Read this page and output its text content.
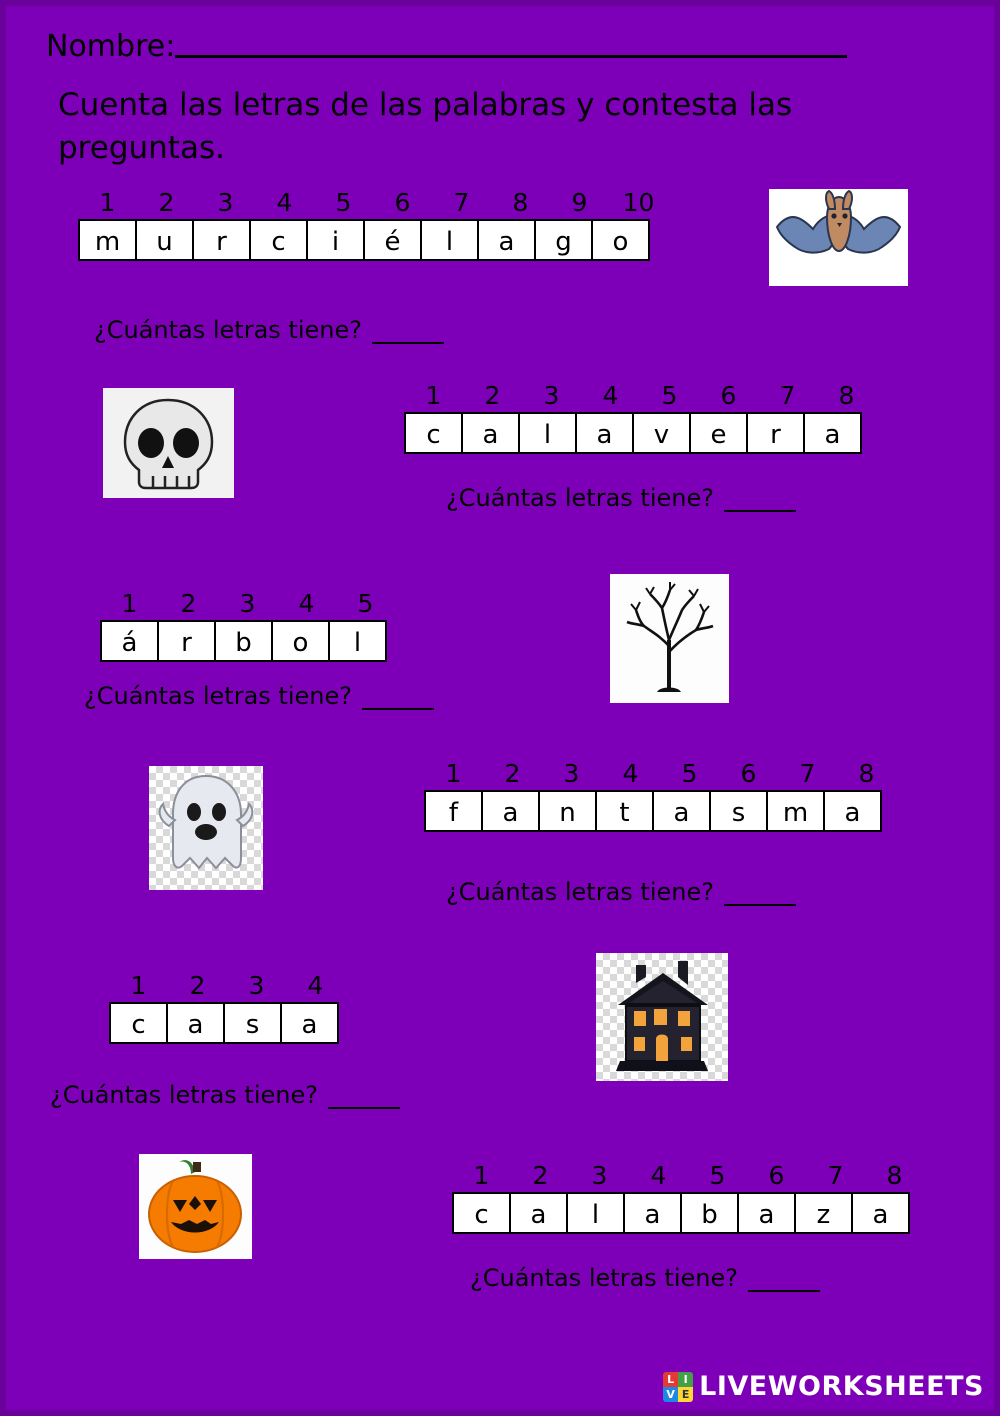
Nombre:
Cuenta las letras de las palabras y contesta las preguntas.
1	2	3	4	5	6	7	8	9	10
m	u	r	c	i	é	l	a	g	o
¿Cuántas letras tiene?
1	2	3	4	5	6	7	8
c	a	l	a	v	e	r	a
¿Cuántas letras tiene?
1	2	3	4	5
á	r	b	o	l
¿Cuántas letras tiene?
1	2	3	4	5	6	7	8
f	a	n	t	a	s	m	a
¿Cuántas letras tiene?
1	2	3	4
c	a	s	a
¿Cuántas letras tiene?
1	2	3	4	5	6	7	8
c	a	l	a	b	a	z	a
¿Cuántas letras tiene?
L I
V E LIVEWORKSHEETS
